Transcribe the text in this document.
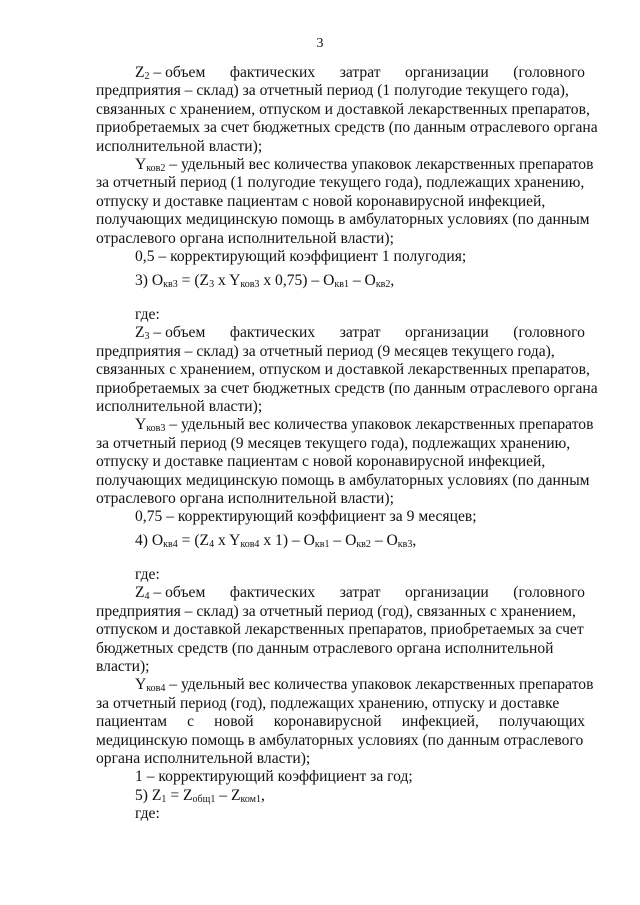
3
$Z_2$ – объем фактических затрат организации (головного
предприятия – склад) за отчетный период (1 полугодие текущего года),
связанных с хранением, отпуском и доставкой лекарственных препаратов,
приобретаемых за счет бюджетных средств (по данным отраслевого органа
исполнительной власти);
$Y_{ков2}$ – удельный вес количества упаковок лекарственных препаратов
за отчетный период (1 полугодие текущего года), подлежащих хранению,
отпуску и доставке пациентам с новой коронавирусной инфекцией,
получающих медицинскую помощь в амбулаторных условиях (по данным
отраслевого органа исполнительной власти);
0,5 – корректирующий коэффициент 1 полугодия;
3) $O_{кв3} = (Z_3$ x $Y_{ков3}$ x $0,75) - O_{кв1} - O_{кв2}$,
где:
$Z_3$ – объем фактических затрат организации (головного
предприятия – склад) за отчетный период (9 месяцев текущего года),
связанных с хранением, отпуском и доставкой лекарственных препаратов,
приобретаемых за счет бюджетных средств (по данным отраслевого органа
исполнительной власти);
$Y_{ков3}$ – удельный вес количества упаковок лекарственных препаратов
за отчетный период (9 месяцев текущего года), подлежащих хранению,
отпуску и доставке пациентам с новой коронавирусной инфекцией,
получающих медицинскую помощь в амбулаторных условиях (по данным
отраслевого органа исполнительной власти);
0,75 – корректирующий коэффициент за 9 месяцев;
4) $O_{кв4} = (Z_4$ x $Y_{ков4}$ x $1) - O_{кв1} - O_{кв2} - O_{кв3}$,
где:
$Z_4$ – объем фактических затрат организации (головного
предприятия – склад) за отчетный период (год), связанных с хранением,
отпуском и доставкой лекарственных препаратов, приобретаемых за счет
бюджетных средств (по данным отраслевого органа исполнительной
власти);
$Y_{ков4}$ – удельный вес количества упаковок лекарственных препаратов
за отчетный период (год), подлежащих хранению, отпуску и доставке
пациентам с новой коронавирусной инфекцией, получающих
медицинскую помощь в амбулаторных условиях (по данным отраслевого
органа исполнительной власти);
1 – корректирующий коэффициент за год;
5) $Z_1 = Z_{общ1} - Z_{ком1}$,
где:
